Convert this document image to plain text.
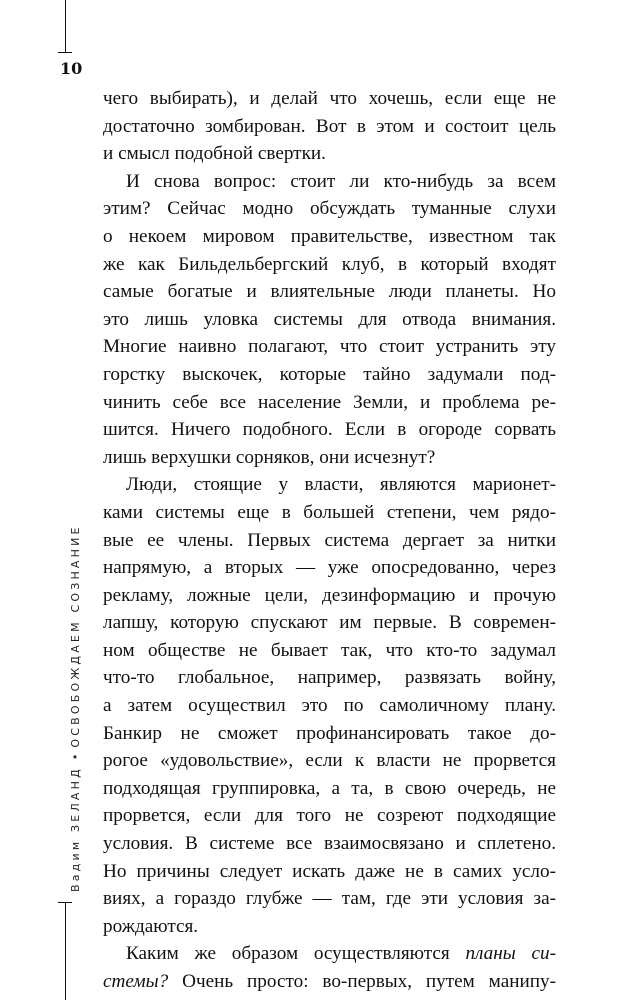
10
Вадим ЗЕЛАНД•ОСВОБОЖДАЕМ СОЗНАНИЕ
чего выбирать), и делай что хочешь, если еще не
достаточно зомбирован. Вот в этом и состоит цель
и смысл подобной свертки.
И снова вопрос: стоит ли кто-нибудь за всем
этим? Сейчас модно обсуждать туманные слухи
о некоем мировом правительстве, известном так
же как Бильдельбергский клуб, в который входят
самые богатые и влиятельные люди планеты. Но
это лишь уловка системы для отвода внимания.
Многие наивно полагают, что стоит устранить эту
горстку выскочек, которые тайно задумали под-
чинить себе все население Земли, и проблема ре-
шится. Ничего подобного. Если в огороде сорвать
лишь верхушки сорняков, они исчезнут?
Люди, стоящие у власти, являются марионет-
ками системы еще в большей степени, чем рядо-
вые ее члены. Первых система дергает за нитки
напрямую, а вторых — уже опосредованно, через
рекламу, ложные цели, дезинформацию и прочую
лапшу, которую спускают им первые. В современ-
ном обществе не бывает так, что кто-то задумал
что-то глобальное, например, развязать войну,
а затем осуществил это по самоличному плану.
Банкир не сможет профинансировать такое до-
рогое «удовольствие», если к власти не прорвется
подходящая группировка, а та, в свою очередь, не
прорвется, если для того не созреют подходящие
условия. В системе все взаимосвязано и сплетено.
Но причины следует искать даже не в самих усло-
виях, а гораздо глубже — там, где эти условия за-
рождаются.
Каким же образом осуществляются планы си-
стемы? Очень просто: во-первых, путем манипу-
